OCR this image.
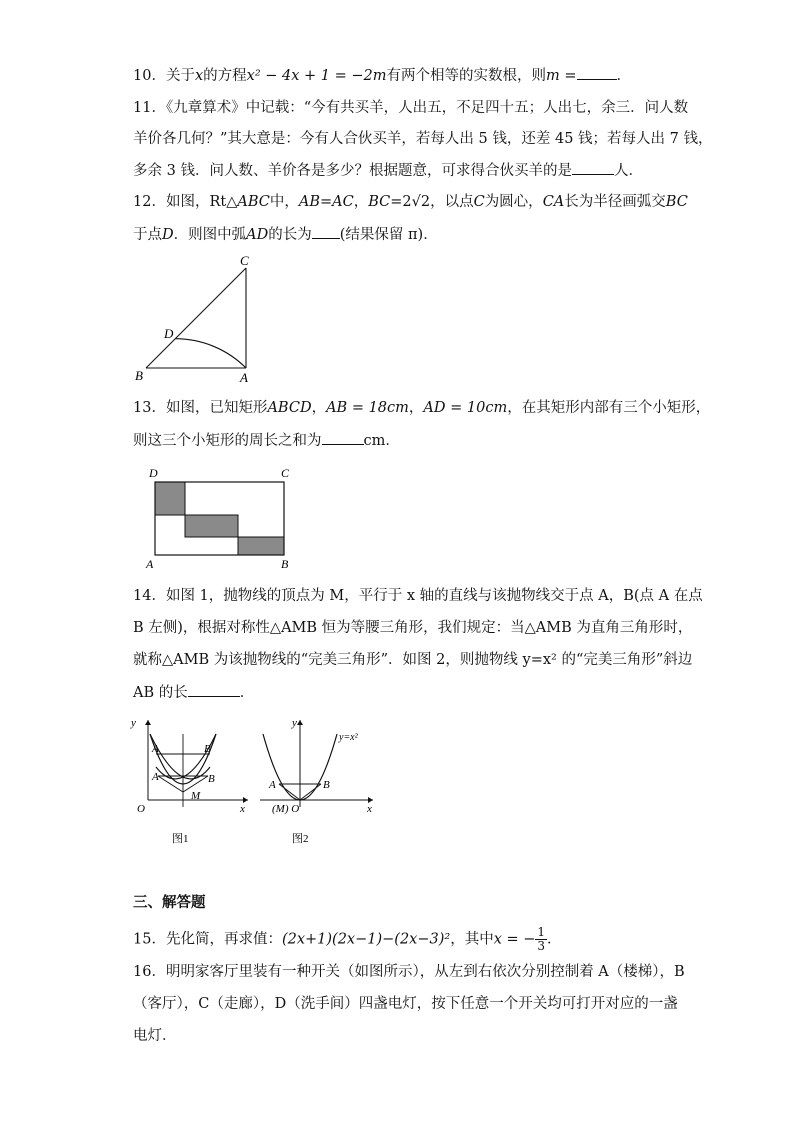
10．关于x的方程x² − 4x + 1 = −2m有两个相等的实数根，则m =	．
11．《九章算术》中记载：“今有共买羊，人出五，不足四十五；人出七，余三．问人数
羊价各几何？”其大意是：今有人合伙买羊，若每人出 5 钱，还差 45 钱；若每人出 7 钱，
多余 3 钱．问人数、羊价各是多少？根据题意，可求得合伙买羊的是	人．
12．如图，Rt△ABC中，AB=AC，BC=2√2，以点C为圆心，CA长为半径画弧交BC
于点D．则图中弧AD的长为 (结果保留 π)．
C
D
B	A
13．如图，已知矩形ABCD，AB = 18cm，AD = 10cm，在其矩形内部有三个小矩形，
则这三个小矩形的周长之和为	cm．
D	C
A	B
14．如图 1，抛物线的顶点为 M，平行于 x 轴的直线与该抛物线交于点 A，B(点 A 在点
B 左侧)，根据对称性△AMB 恒为等腰三角形，我们规定：当△AMB 为直角三角形时，
就称△AMB 为该抛物线的“完美三角形”．如图 2，则抛物线 y=x² 的“完美三角形”斜边
AB 的长	．
y
x
O
A	B
A	B
M
图1
y
x
(M) O
A	B
y=x²
图2
三、解答题
15．先化简，再求值：(2x+1)(2x−1)−(2x−3)²，其中x = − $\frac{1}{3}$ ．
16．明明家客厅里装有一种开关（如图所示），从左到右依次分别控制着 A（楼梯），B
（客厅），C（走廊），D（洗手间）四盏电灯，按下任意一个开关均可打开对应的一盏
电灯．
